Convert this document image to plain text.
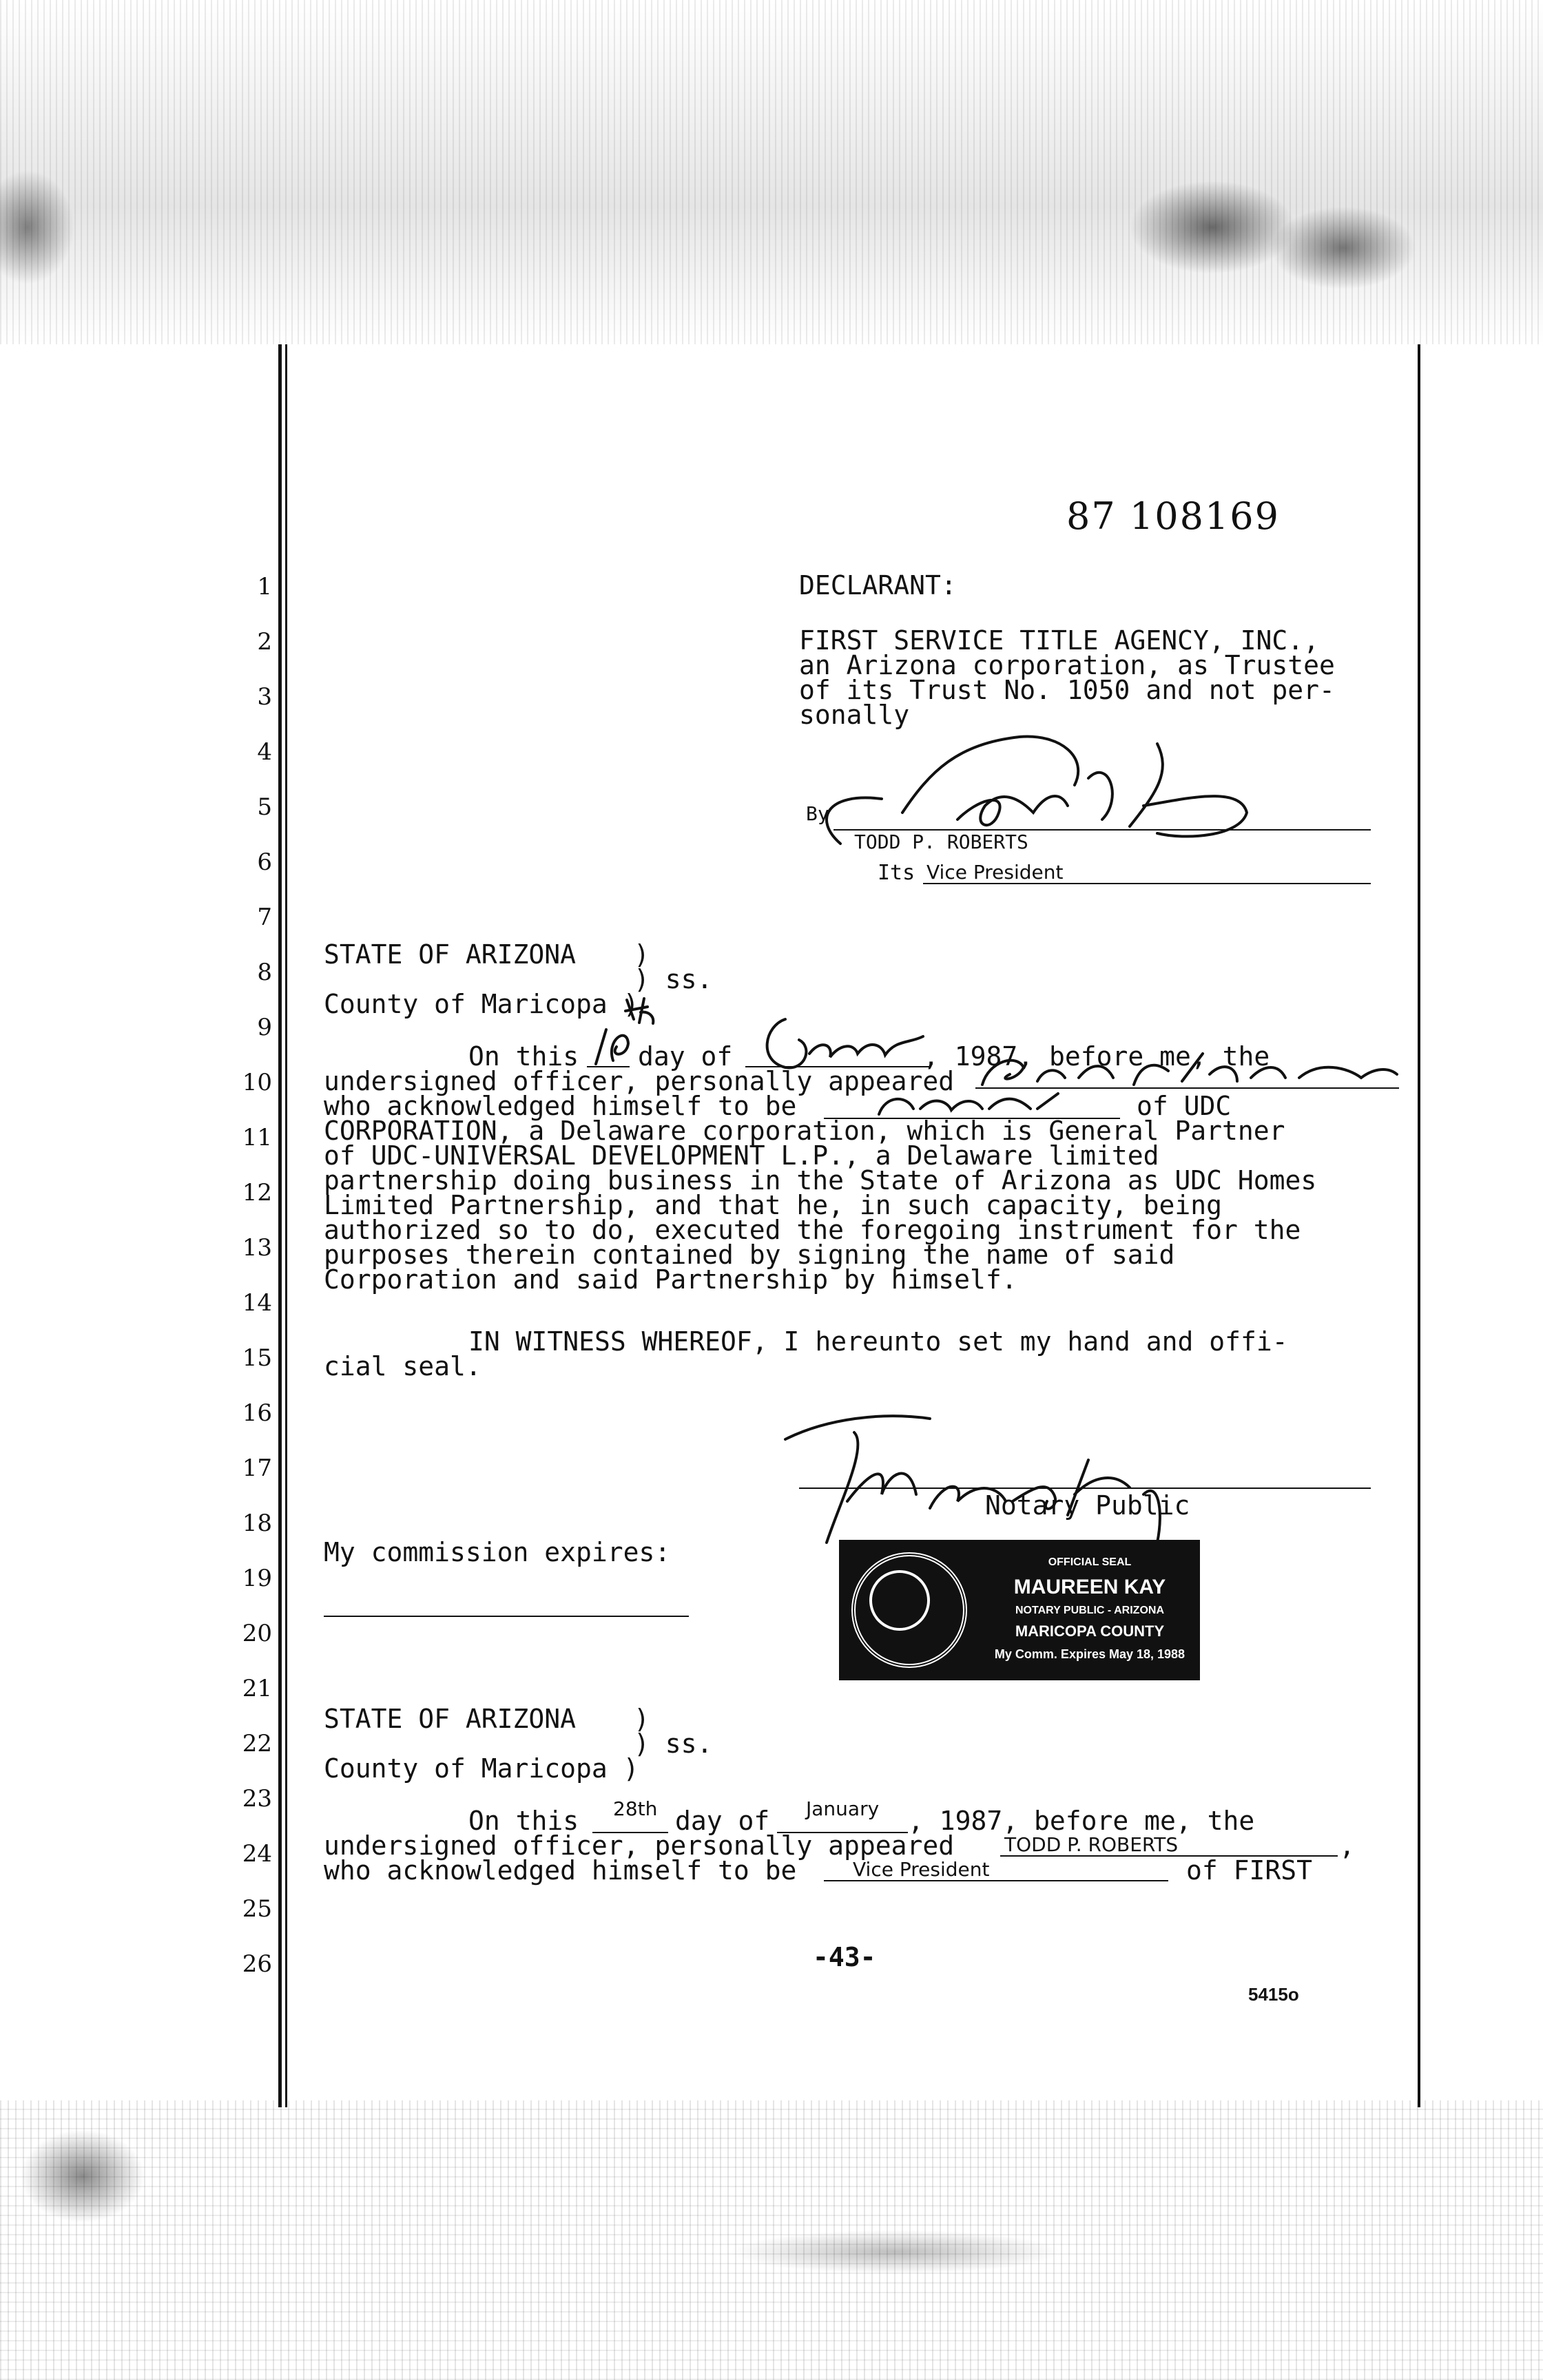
1
2
3
4
5
6
7
8
9
10
11
12
13
14
15
16
17
18
19
20
21
22
23
24
25
26
87 108169
DECLARANT:
FIRST SERVICE TITLE AGENCY, INC.,
an Arizona corporation, as Trustee
of its Trust No. 1050 and not per-
sonally
By
TODD P. ROBERTS
Its Vice President
STATE OF ARIZONA )
) ss.
County of Maricopa )
On this day of	, 1987, before me, the
undersigned officer, personally appeared
who acknowledged himself to be	of UDC
CORPORATION, a Delaware corporation, which is General Partner
of UDC-UNIVERSAL DEVELOPMENT L.P., a Delaware limited
partnership doing business in the State of Arizona as UDC Homes
Limited Partnership, and that he, in such capacity, being
authorized so to do, executed the foregoing instrument for the
purposes therein contained by signing the name of said
Corporation and said Partnership by himself.
IN WITNESS WHEREOF, I hereunto set my hand and offi-
cial seal.
Notary Public
My commission expires:	OFFICIAL SEAL
MAUREEN KAY
NOTARY PUBLIC - ARIZONA
MARICOPA COUNTY
My Comm. Expires May 18, 1988
STATE OF ARIZONA )
) ss.
County of Maricopa )
On this 28th day of January , 1987, before me, the
undersigned officer, personally appeared	TODD P. ROBERTS	,
who acknowledged himself to be	Vice President	of FIRST
-43-
5415o
